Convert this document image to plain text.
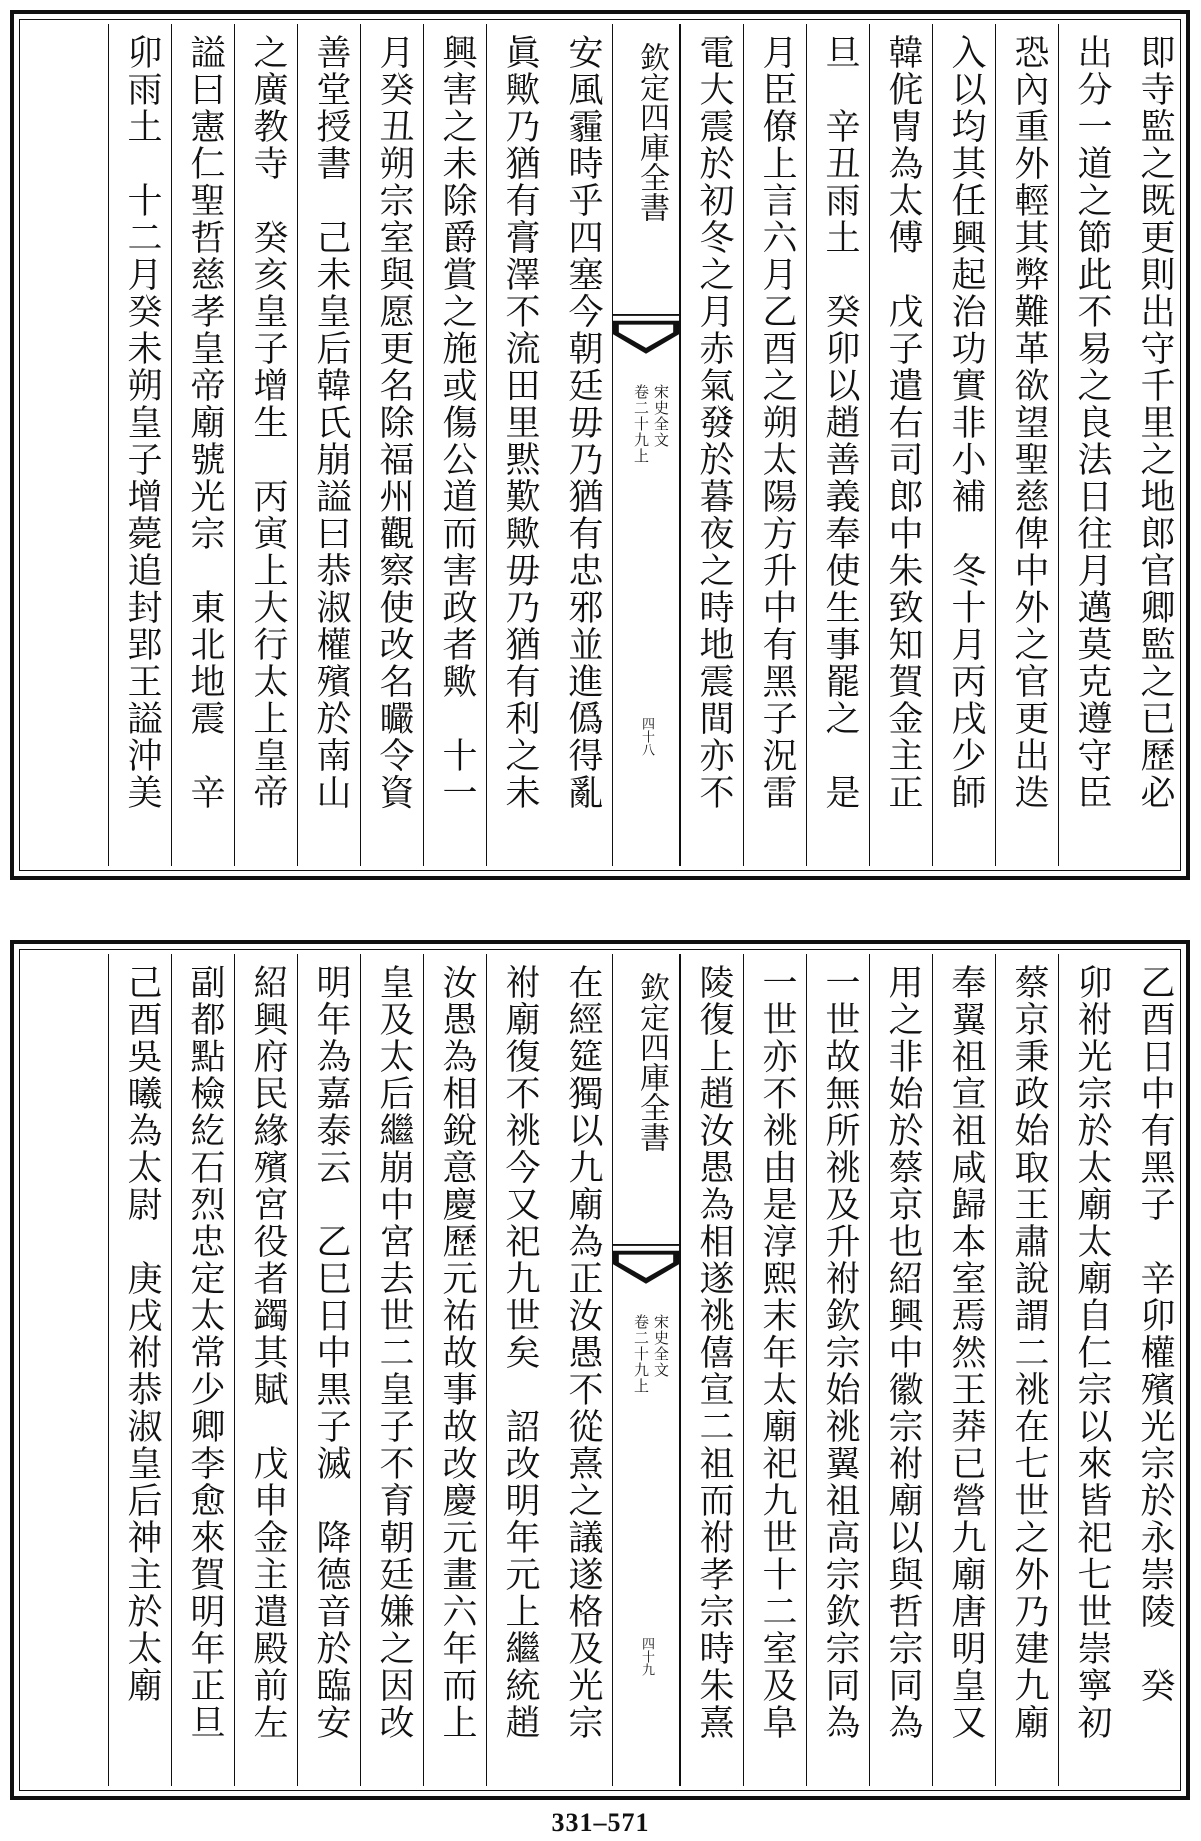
即寺監之既更則出守千里之地郎官卿監之已歷必
出分一道之節此不易之良法日往月邁莫克遵守臣
恐內重外輕其弊難革欲望聖慈俾中外之官更出迭
入以均其任興起治功實非小補　冬十月丙戌少師
韓侂冑為太傅　戊子遣右司郎中朱致知賀金主正
旦　辛丑雨土　癸卯以趙善義奉使生事罷之　是
月臣僚上言六月乙酉之朔太陽方升中有黑子況雷
電大震於初冬之月赤氣發於暮夜之時地震間亦不
欽定四庫全書
宋史全文
卷二十九上
四十八
安風霾時乎四塞今朝廷毋乃猶有忠邪並進僞得亂
眞歟乃猶有膏澤不流田里黙歎歟毋乃猶有利之未
興害之未除爵賞之施或傷公道而害政者歟　十一
月癸丑朔宗室與愿更名除福州觀察使改名曮令資
善堂授書　己未皇后韓氏崩謚曰恭淑權殯於南山
之廣教寺　癸亥皇子增生　丙寅上大行太上皇帝
謚曰憲仁聖哲慈孝皇帝廟號光宗　東北地震　辛
卯雨土　十二月癸未朔皇子增薨追封郢王謚沖美
乙酉日中有黑子　辛卯權殯光宗於永崇陵　癸
卯祔光宗於太廟太廟自仁宗以來皆祀七世崇寧初
蔡京秉政始取王肅說謂二祧在七世之外乃建九廟
奉翼祖宣祖咸歸本室焉然王莽已營九廟唐明皇又
用之非始於蔡京也紹興中徽宗祔廟以與哲宗同為
一世故無所祧及升祔欽宗始祧翼祖高宗欽宗同為
一世亦不祧由是淳熙末年太廟祀九世十二室及阜
陵復上趙汝愚為相遂祧僖宣二祖而祔孝宗時朱熹
欽定四庫全書
宋史全文
卷二十九上
四十九
在經筵獨以九廟為正汝愚不從熹之議遂格及光宗
祔廟復不祧今又祀九世矣　詔改明年元上繼統趙
汝愚為相銳意慶歷元祐故事故改慶元畫六年而上
皇及太后繼崩中宮去世二皇子不育朝廷嫌之因改
明年為嘉泰云　乙巳日中黒子滅　降德音於臨安
紹興府民緣殯宮役者蠲其賦　戊申金主遣殿前左
副都點檢紇石烈忠定太常少卿李愈來賀明年正旦
己酉吳曦為太尉　庚戌祔恭淑皇后神主於太廟
331–571
